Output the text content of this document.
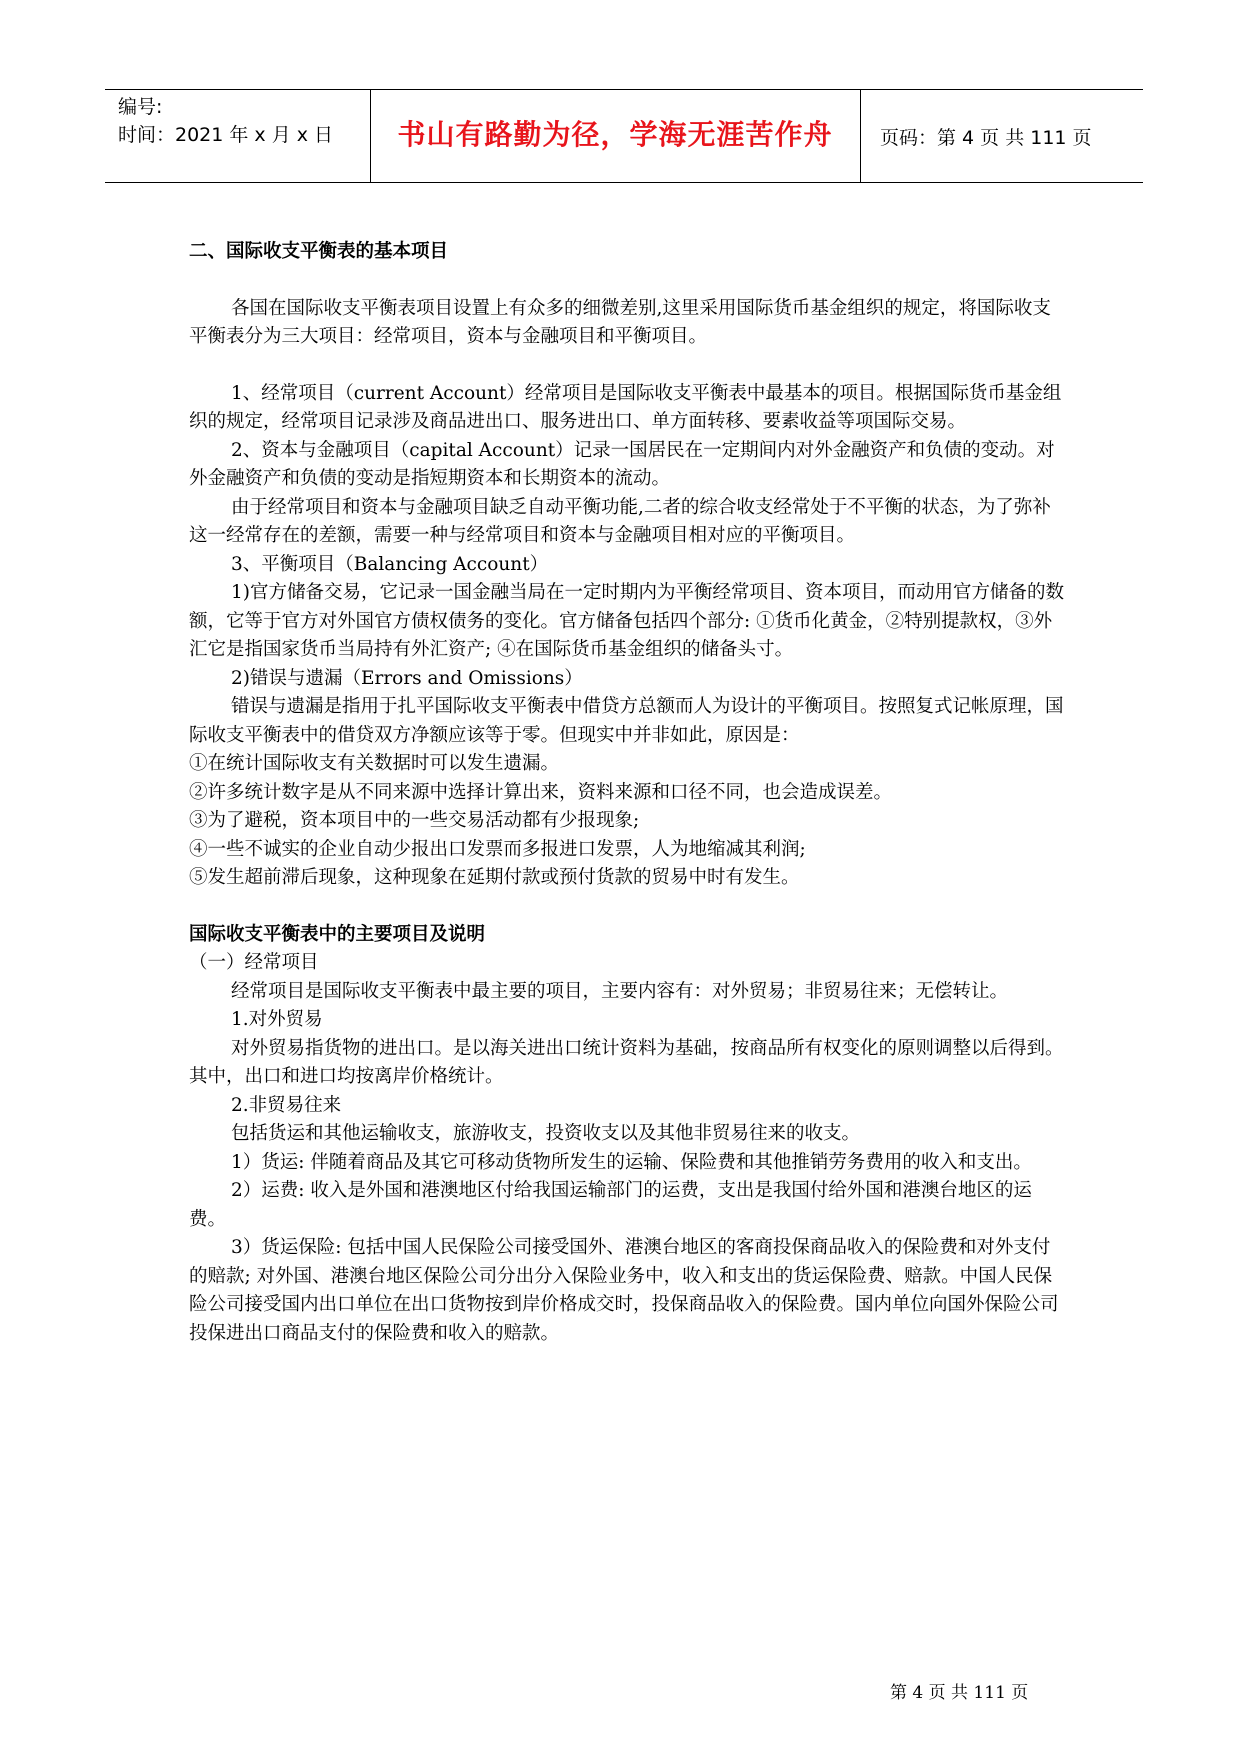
编号:
时间：2021 年 x 月 x 日	书山有路勤为径，学海无涯苦作舟	页码：第 4 页 共 111 页

二、国际收支平衡表的基本项目

各国在国际收支平衡表项目设置上有众多的细微差别,这里采用国际货币基金组织的规定，将国际收支平衡表分为三大项目：经常项目，资本与金融项目和平衡项目。

1、经常项目（current Account）经常项目是国际收支平衡表中最基本的项目。根据国际货币基金组织的规定，经常项目记录涉及商品进出口、服务进出口、单方面转移、要素收益等项国际交易。

2、资本与金融项目（capital Account）记录一国居民在一定期间内对外金融资产和负债的变动。对外金融资产和负债的变动是指短期资本和长期资本的流动。

由于经常项目和资本与金融项目缺乏自动平衡功能,二者的综合收支经常处于不平衡的状态，为了弥补这一经常存在的差额，需要一种与经常项目和资本与金融项目相对应的平衡项目。

3、平衡项目（Balancing Account）

1)官方储备交易，它记录一国金融当局在一定时期内为平衡经常项目、资本项目，而动用官方储备的数额，它等于官方对外国官方债权债务的变化。官方储备包括四个部分: ①货币化黄金，②特别提款权，③外汇它是指国家货币当局持有外汇资产; ④在国际货币基金组织的储备头寸。

2)错误与遗漏（Errors and Omissions）

错误与遗漏是指用于扎平国际收支平衡表中借贷方总额而人为设计的平衡项目。按照复式记帐原理，国际收支平衡表中的借贷双方净额应该等于零。但现实中并非如此，原因是：

①在统计国际收支有关数据时可以发生遗漏。

②许多统计数字是从不同来源中选择计算出来，资料来源和口径不同，也会造成误差。

③为了避税，资本项目中的一些交易活动都有少报现象;

④一些不诚实的企业自动少报出口发票而多报进口发票，人为地缩减其利润;

⑤发生超前滞后现象，这种现象在延期付款或预付货款的贸易中时有发生。

国际收支平衡表中的主要项目及说明

（一）经常项目

经常项目是国际收支平衡表中最主要的项目，主要内容有：对外贸易；非贸易往来；无偿转让。

1.对外贸易

对外贸易指货物的进出口。是以海关进出口统计资料为基础，按商品所有权变化的原则调整以后得到。其中，出口和进口均按离岸价格统计。

2.非贸易往来

包括货运和其他运输收支，旅游收支，投资收支以及其他非贸易往来的收支。

1）货运: 伴随着商品及其它可移动货物所发生的运输、保险费和其他推销劳务费用的收入和支出。

2）运费: 收入是外国和港澳地区付给我国运输部门的运费，支出是我国付给外国和港澳台地区的运费。

3）货运保险: 包括中国人民保险公司接受国外、港澳台地区的客商投保商品收入的保险费和对外支付的赔款; 对外国、港澳台地区保险公司分出分入保险业务中，收入和支出的货运保险费、赔款。中国人民保险公司接受国内出口单位在出口货物按到岸价格成交时，投保商品收入的保险费。国内单位向国外保险公司投保进出口商品支付的保险费和收入的赔款。

第 4 页 共 111 页
